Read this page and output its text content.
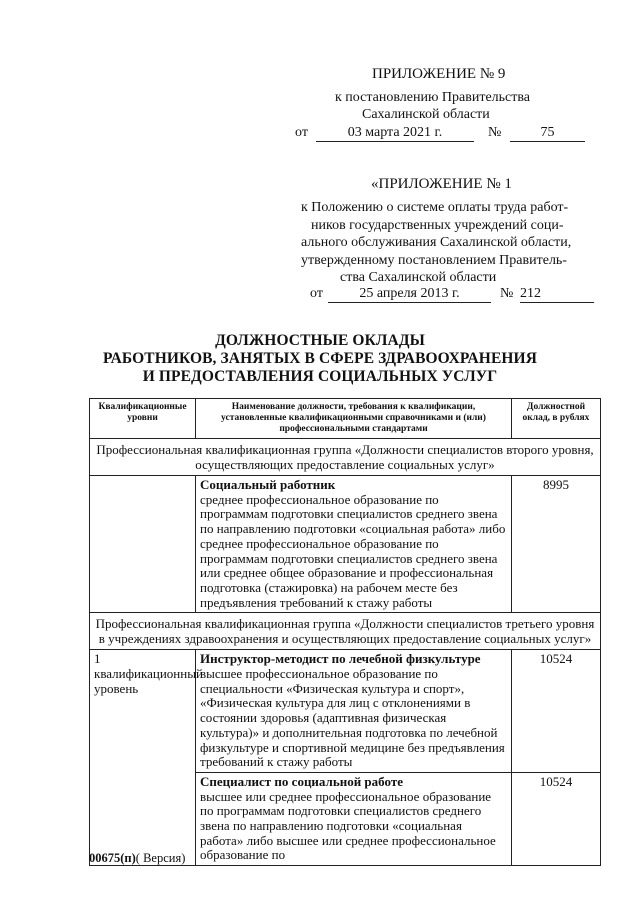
ПРИЛОЖЕНИЕ № 9
к постановлению Правительства
Сахалинской области
от	03 марта 2021 г.	№	75
«ПРИЛОЖЕНИЕ № 1
к Положению о системе оплаты труда работ-
ников государственных учреждений соци-
ального обслуживания Сахалинской области,
утвержденному постановлением Правитель-
ства Сахалинской области
от	25 апреля 2013 г.	№ 212
ДОЛЖНОСТНЫЕ ОКЛАДЫ
РАБОТНИКОВ, ЗАНЯТЫХ В СФЕРЕ ЗДРАВООХРАНЕНИЯ
И ПРЕДОСТАВЛЕНИЯ СОЦИАЛЬНЫХ УСЛУГ
Квалификационные уровни	Наименование должности, требования к квалификации, установленные квалификационными справочниками и (или) профессиональными стандартами	Должностной оклад, в рублях
Профессиональная квалификационная группа «Должности специалистов второго уровня, осуществляющих предоставление социальных услуг»		

	Социальный работник
среднее профессиональное образование по программам подготовки специалистов среднего звена по направлению подготовки «социальная работа» либо среднее профессиональное образование по программам подготовки специалистов среднего звена или среднее общее образование и профессиональная подготовка (стажировка) на рабочем месте без предъявления требований к стажу работы	8995
Профессиональная квалификационная группа «Должности специалистов третьего уровня в учреждениях здравоохранения и осуществляющих предоставление социальных услуг»		
1 квалификационный уровень	Инструктор-методист по лечебной физкультуре
высшее профессиональное образование по специальности «Физическая культура и спорт», «Физическая культура для лиц с отклонениями в состоянии здоровья (адаптивная физическая культура)» и дополнительная подготовка по лечебной физкультуре и спортивной медицине без предъявления требований к стажу работы	10524

	Специалист по социальной работе
высшее или среднее профессиональное образование по программам подготовки специалистов среднего звена по направлению подготовки «социальная работа» либо высшее или среднее профессиональное образование по	10524
00675(п)( Версия)
